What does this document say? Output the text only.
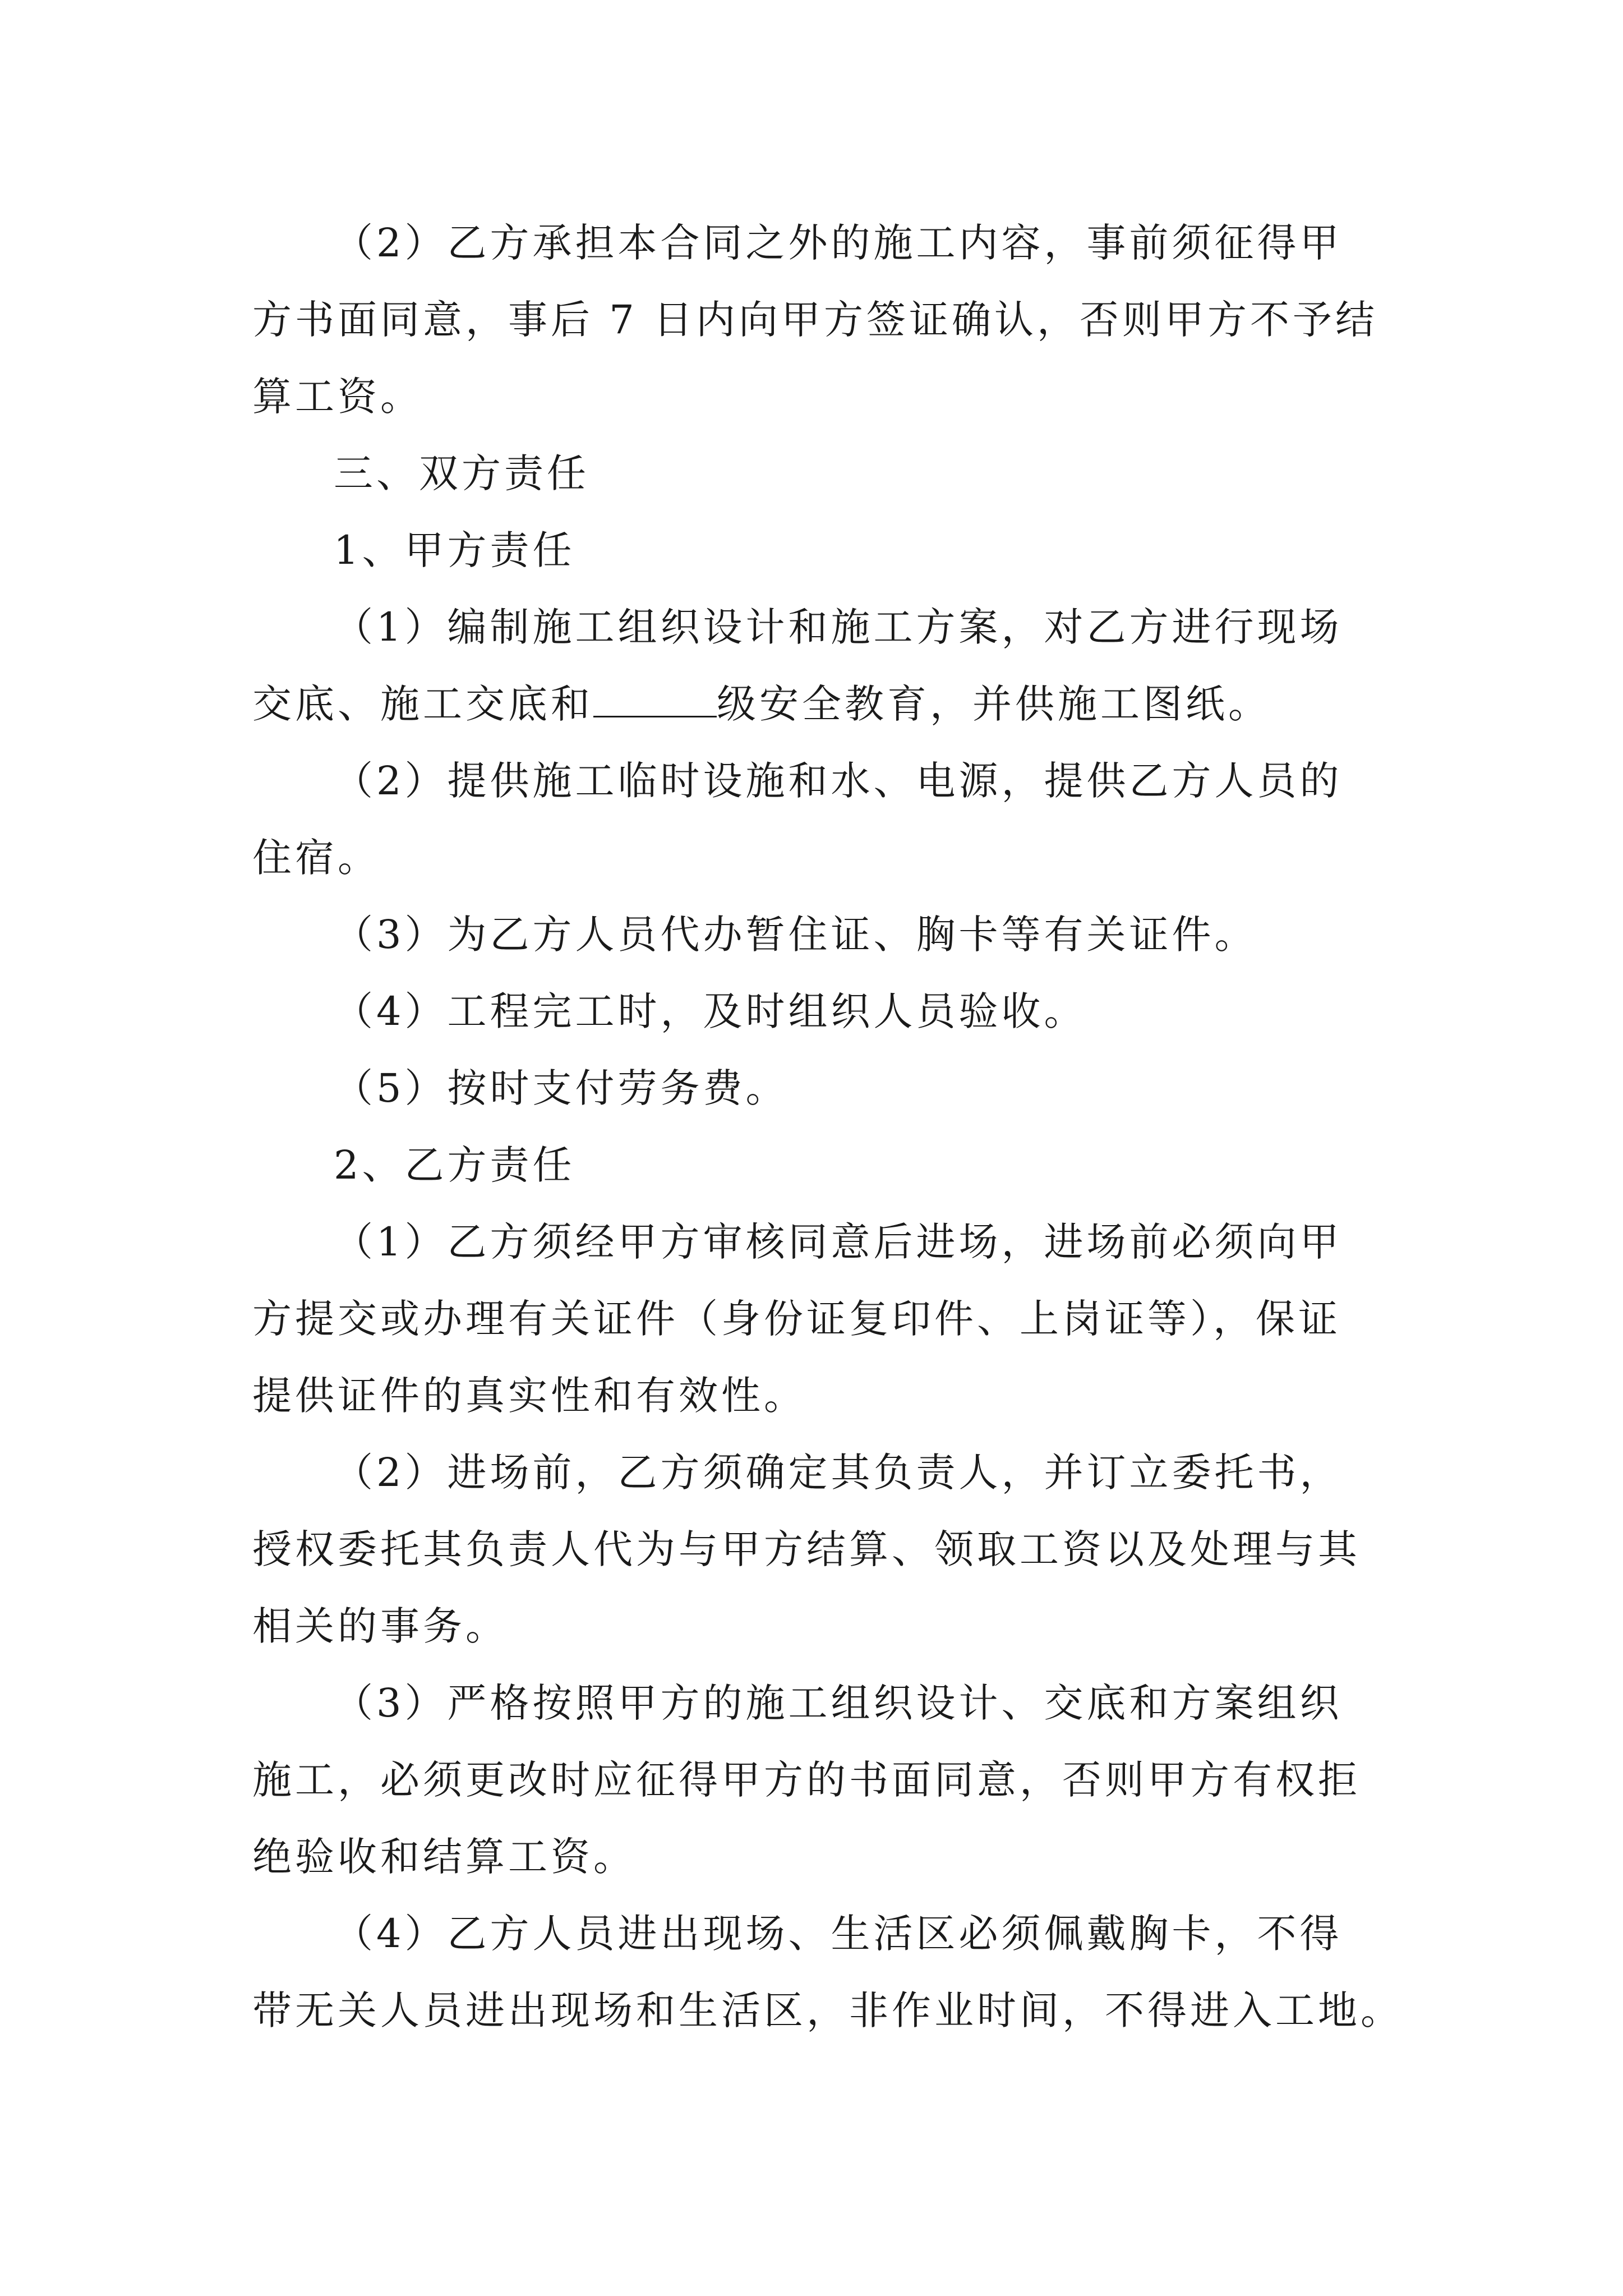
（2）乙方承担本合同之外的施工内容，事前须征得甲
方书面同意，事后 7 日内向甲方签证确认，否则甲方不予结
算工资。
三、双方责任
1、甲方责任
（1）编制施工组织设计和施工方案，对乙方进行现场
交底、施工交底和	级安全教育，并供施工图纸。
（2）提供施工临时设施和水、电源，提供乙方人员的
住宿。
（3）为乙方人员代办暂住证、胸卡等有关证件。
（4）工程完工时，及时组织人员验收。
（5）按时支付劳务费。
2、乙方责任
（1）乙方须经甲方审核同意后进场，进场前必须向甲
方提交或办理有关证件（身份证复印件、上岗证等），保证
提供证件的真实性和有效性。
（2）进场前，乙方须确定其负责人，并订立委托书，
授权委托其负责人代为与甲方结算、领取工资以及处理与其
相关的事务。
（3）严格按照甲方的施工组织设计、交底和方案组织
施工，必须更改时应征得甲方的书面同意，否则甲方有权拒
绝验收和结算工资。
（4）乙方人员进出现场、生活区必须佩戴胸卡，不得
带无关人员进出现场和生活区，非作业时间，不得进入工地。
